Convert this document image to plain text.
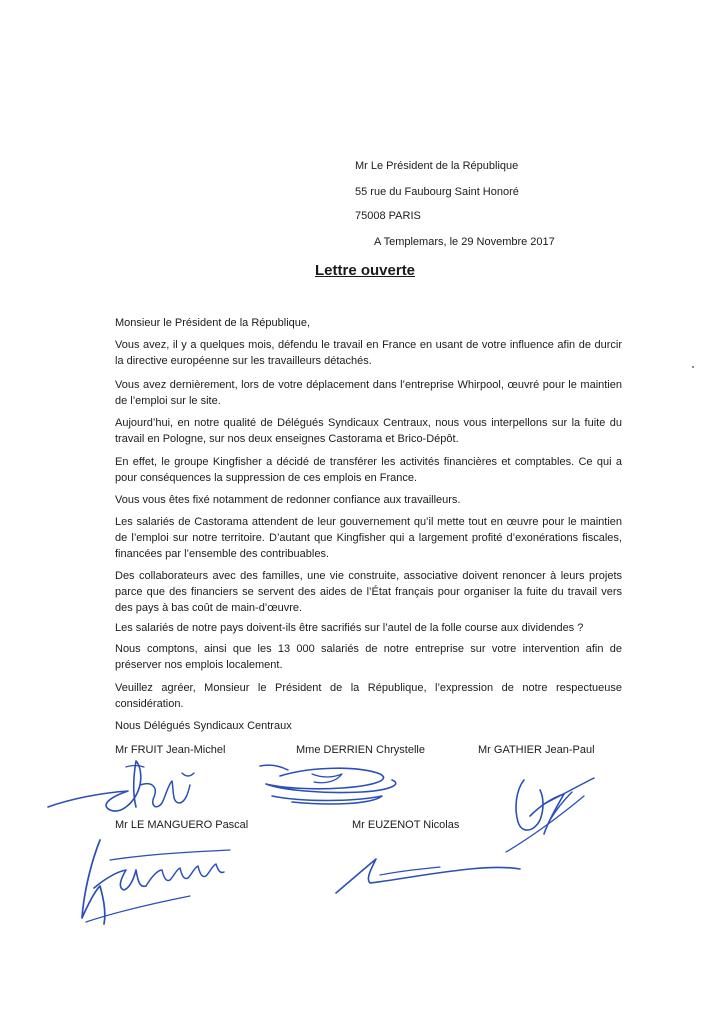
Mr Le Président de la République
55 rue du Faubourg Saint Honoré
75008 PARIS
A Templemars, le 29 Novembre 2017
Lettre ouverte
Monsieur le Président de la République,
Vous avez, il y a quelques mois, défendu le travail en France en usant de votre influence afin de durcir la directive européenne sur les travailleurs détachés.
Vous avez dernièrement, lors de votre déplacement dans l’entreprise Whirpool, œuvré pour le maintien de l’emploi sur le site.
Aujourd’hui, en notre qualité de Délégués Syndicaux Centraux, nous vous interpellons sur la fuite du travail en Pologne, sur nos deux enseignes Castorama et Brico-Dépôt.
En effet, le groupe Kingfisher a décidé de transférer les activités financières et comptables. Ce qui a pour conséquences la suppression de ces emplois en France.
Vous vous êtes fixé notamment de redonner confiance aux travailleurs.
Les salariés de Castorama attendent de leur gouvernement qu’il mette tout en œuvre pour le maintien de l’emploi sur notre territoire. D’autant que Kingfisher qui a largement profité d’exonérations fiscales, financées par l’ensemble des contribuables.
Des collaborateurs avec des familles, une vie construite, associative doivent renoncer à leurs projets parce que des financiers se servent des aides de l’État français pour organiser la fuite du travail vers des pays à bas coût de main-d’œuvre.
Les salariés de notre pays doivent-ils être sacrifiés sur l’autel de la folle course aux dividendes ?
Nous comptons, ainsi que les 13 000 salariés de notre entreprise sur votre intervention afin de préserver nos emplois localement.
Veuillez agréer, Monsieur le Président de la République, l’expression de notre respectueuse considération.
Nous Délégués Syndicaux Centraux
Mr FRUIT Jean-Michel	Mme DERRIEN Chrystelle	Mr GATHIER Jean-Paul
Mr LE MANGUERO Pascal	Mr EUZENOT Nicolas
